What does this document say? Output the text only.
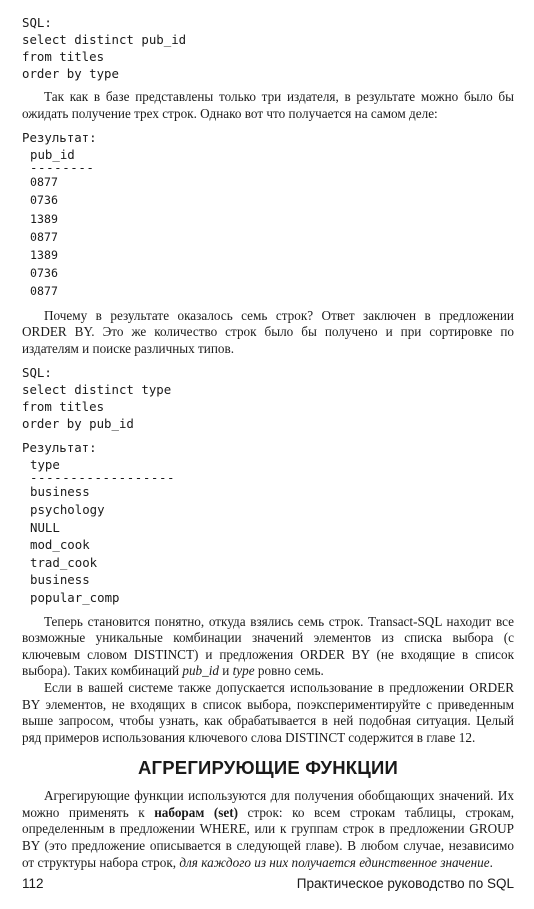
SQL:
select distinct pub_id
from titles
order by type

Так как в базе представлены только три издателя, в результате можно было бы ожидать получение трех строк. Однако вот что получается на самом деле:

Результат:
pub_id
--------
0877
0736
1389
0877
1389
0736
0877

Почему в результате оказалось семь строк? Ответ заключен в предложении ORDER BY. Это же количество строк было бы получено и при сортировке по издателям и поиске различных типов.

SQL:
select distinct type
from titles
order by pub_id
Результат:
type
------------------
business
psychology
NULL
mod_cook
trad_cook
business
popular_comp

Теперь становится понятно, откуда взялись семь строк. Transact-SQL находит все возможные уникальные комбинации значений элементов из списка выбора (с ключевым словом DISTINCT) и предложения ORDER BY (не входящие в список выбора). Таких комбинаций pub_id и type ровно семь.

Если в вашей системе также допускается использование в предложении ORDER BY элементов, не входящих в список выбора, поэкспериментируйте с приведенным выше запросом, чтобы узнать, как обрабатывается в ней подобная ситуация. Целый ряд примеров использования ключевого слова DISTINCT содержится в главе 12.

АГРЕГИРУЮЩИЕ ФУНКЦИИ

Агрегирующие функции используются для получения обобщающих значений. Их можно применять к наборам (set) строк: ко всем строкам таблицы, строкам, определенным в предложении WHERE, или к группам строк в предложении GROUP BY (это предложение описывается в следующей главе). В любом случае, независимо от структуры набора строк, для каждого из них получается единственное значение.

112	Практическое руководство по SQL
